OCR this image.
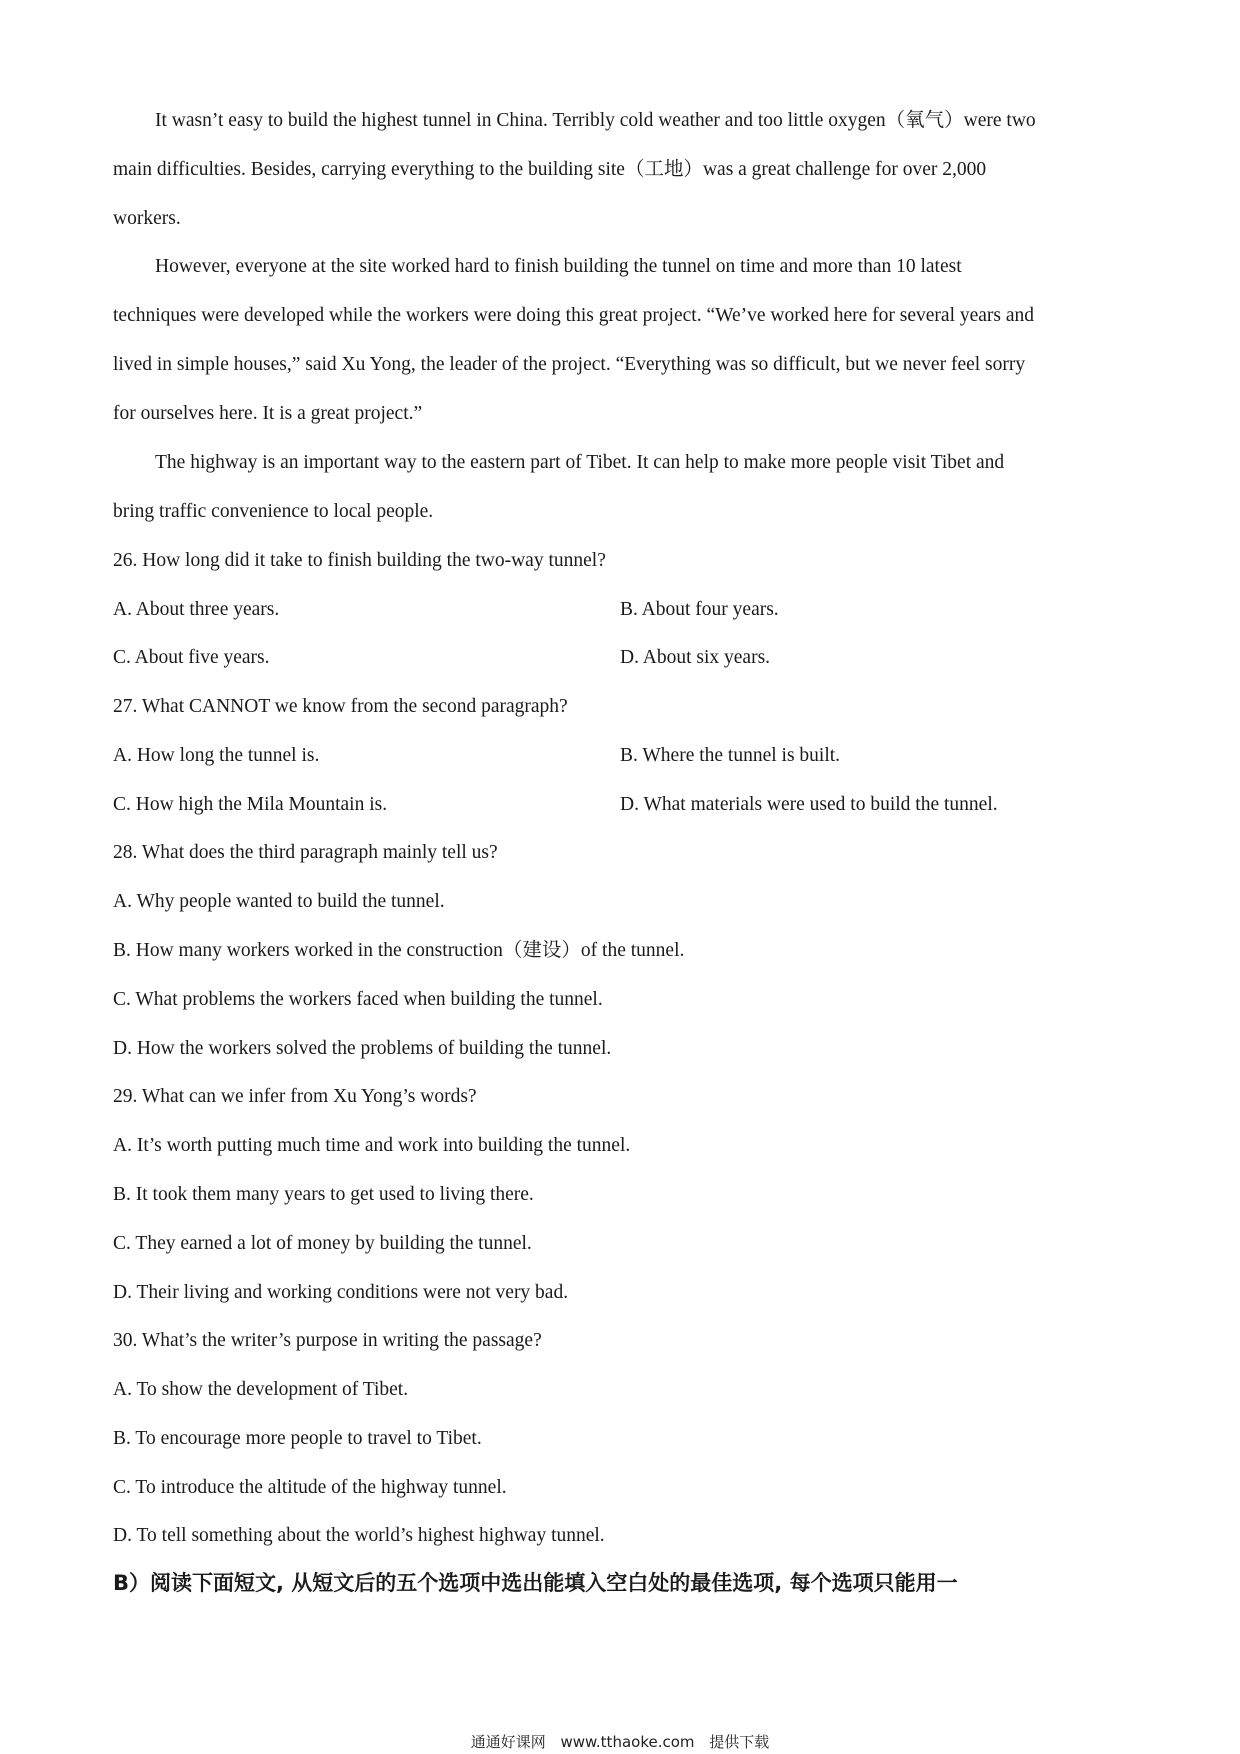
It wasn’t easy to build the highest tunnel in China. Terribly cold weather and too little oxygen（氧气）were two
main difficulties. Besides, carrying everything to the building site（工地）was a great challenge for over 2,000
workers.
However, everyone at the site worked hard to finish building the tunnel on time and more than 10 latest
techniques were developed while the workers were doing this great project. “We’ve worked here for several years and
lived in simple houses,” said Xu Yong, the leader of the project. “Everything was so difficult, but we never feel sorry
for ourselves here. It is a great project.”
The highway is an important way to the eastern part of Tibet. It can help to make more people visit Tibet and
bring traffic convenience to local people.
26. How long did it take to finish building the two-way tunnel?
A. About three years.	B. About four years.
C. About five years.	D. About six years.
27. What CANNOT we know from the second paragraph?
A. How long the tunnel is.	B. Where the tunnel is built.
C. How high the Mila Mountain is.	D. What materials were used to build the tunnel.
28. What does the third paragraph mainly tell us?
A. Why people wanted to build the tunnel.
B. How many workers worked in the construction（建设）of the tunnel.
C. What problems the workers faced when building the tunnel.
D. How the workers solved the problems of building the tunnel.
29. What can we infer from Xu Yong’s words?
A. It’s worth putting much time and work into building the tunnel.
B. It took them many years to get used to living there.
C. They earned a lot of money by building the tunnel.
D. Their living and working conditions were not very bad.
30. What’s the writer’s purpose in writing the passage?
A. To show the development of Tibet.
B. To encourage more people to travel to Tibet.
C. To introduce the altitude of the highway tunnel.
D. To tell something about the world’s highest highway tunnel.
B）阅读下面短文, 从短文后的五个选项中选出能填入空白处的最佳选项, 每个选项只能用一
通通好课网 www.tthaoke.com 提供下载
